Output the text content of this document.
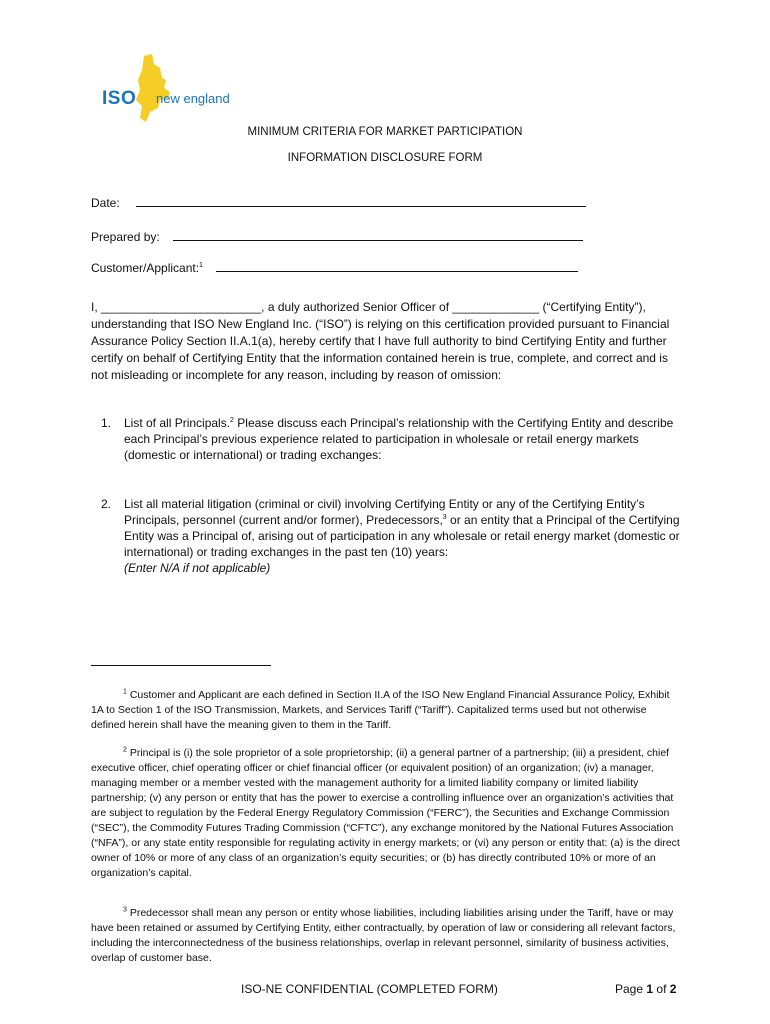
ISO new england
MINIMUM CRITERIA FOR MARKET PARTICIPATION
INFORMATION DISCLOSURE FORM
Date:
Prepared by:
Customer/Applicant:$^1$
I, ________________________, a duly authorized Senior Officer of _____________ (“Certifying Entity”), understanding that ISO New England Inc. (“ISO”) is relying on this certification provided pursuant to Financial Assurance Policy Section II.A.1(a), hereby certify that I have full authority to bind Certifying Entity and further certify on behalf of Certifying Entity that the information contained herein is true, complete, and correct and is not misleading or incomplete for any reason, including by reason of omission:
1. List of all Principals.$^2$ Please discuss each Principal’s relationship with the Certifying Entity and describe each Principal’s previous experience related to participation in wholesale or retail energy markets (domestic or international) or trading exchanges:
2. List all material litigation (criminal or civil) involving Certifying Entity or any of the Certifying Entity’s Principals, personnel (current and/or former), Predecessors,$^3$ or an entity that a Principal of the Certifying Entity was a Principal of, arising out of participation in any wholesale or retail energy market (domestic or international) or trading exchanges in the past ten (10) years:
(Enter N/A if not applicable)
$^1$ Customer and Applicant are each defined in Section II.A of the ISO New England Financial Assurance Policy, Exhibit 1A to Section 1 of the ISO Transmission, Markets, and Services Tariff (“Tariff”). Capitalized terms used but not otherwise defined herein shall have the meaning given to them in the Tariff.
$^2$ Principal is (i) the sole proprietor of a sole proprietorship; (ii) a general partner of a partnership; (iii) a president, chief executive officer, chief operating officer or chief financial officer (or equivalent position) of an organization; (iv) a manager, managing member or a member vested with the management authority for a limited liability company or limited liability partnership; (v) any person or entity that has the power to exercise a controlling influence over an organization’s activities that are subject to regulation by the Federal Energy Regulatory Commission (“FERC”), the Securities and Exchange Commission (“SEC”), the Commodity Futures Trading Commission (“CFTC”), any exchange monitored by the National Futures Association (“NFA”), or any state entity responsible for regulating activity in energy markets; or (vi) any person or entity that: (a) is the direct owner of 10% or more of any class of an organization’s equity securities; or (b) has directly contributed 10% or more of an organization’s capital.
$^3$ Predecessor shall mean any person or entity whose liabilities, including liabilities arising under the Tariff, have or may have been retained or assumed by Certifying Entity, either contractually, by operation of law or considering all relevant factors, including the interconnectedness of the business relationships, overlap in relevant personnel, similarity of business activities, overlap of customer base.
ISO-NE CONFIDENTIAL (COMPLETED FORM)	Page 1 of 2
